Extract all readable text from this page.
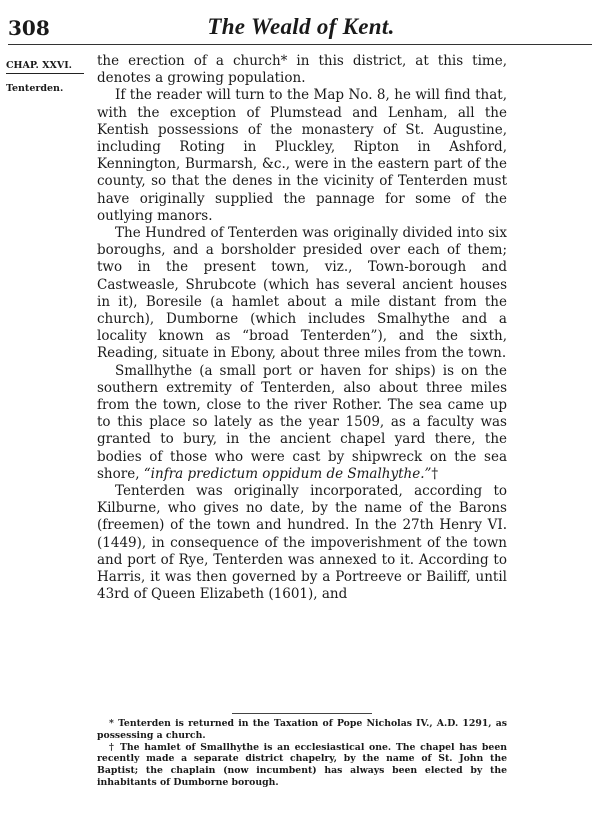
308	The Weald of Kent.
CHAP. XXVI.
Tenterden.

the erection of a church* in this district, at this time, denotes a growing population.

If the reader will turn to the Map No. 8, he will find that, with the exception of Plumstead and Lenham, all the Kentish possessions of the monastery of St. Augustine, including Roting in Pluckley, Ripton in Ashford, Kennington, Burmarsh, &c., were in the eastern part of the county, so that the denes in the vicinity of Tenterden must have originally supplied the pannage for some of the outlying manors.

The Hundred of Tenterden was originally divided into six boroughs, and a borsholder presided over each of them; two in the present town, viz., Town-borough and Castweasle, Shrubcote (which has several ancient houses in it), Boresile (a hamlet about a mile distant from the church), Dumborne (which includes Smalhythe and a locality known as “broad Tenterden”), and the sixth, Reading, situate in Ebony, about three miles from the town.

Smallhythe (a small port or haven for ships) is on the southern extremity of Tenterden, also about three miles from the town, close to the river Rother. The sea came up to this place so lately as the year 1509, as a faculty was granted to bury, in the ancient chapel yard there, the bodies of those who were cast by shipwreck on the sea shore, “infra predictum oppidum de Smalhythe.”†

Tenterden was originally incorporated, according to Kilburne, who gives no date, by the name of the Barons (freemen) of the town and hundred. In the 27th Henry VI. (1449), in consequence of the impoverishment of the town and port of Rye, Tenterden was annexed to it. According to Harris, it was then governed by a Portreeve or Bailiff, until 43rd of Queen Elizabeth (1601), and

* Tenterden is returned in the Taxation of Pope Nicholas IV., A.D. 1291, as possessing a church.

† The hamlet of Smallhythe is an ecclesiastical one. The chapel has been recently made a separate district chapelry, by the name of St. John the Baptist; the chaplain (now incumbent) has always been elected by the inhabitants of Dumborne borough.
